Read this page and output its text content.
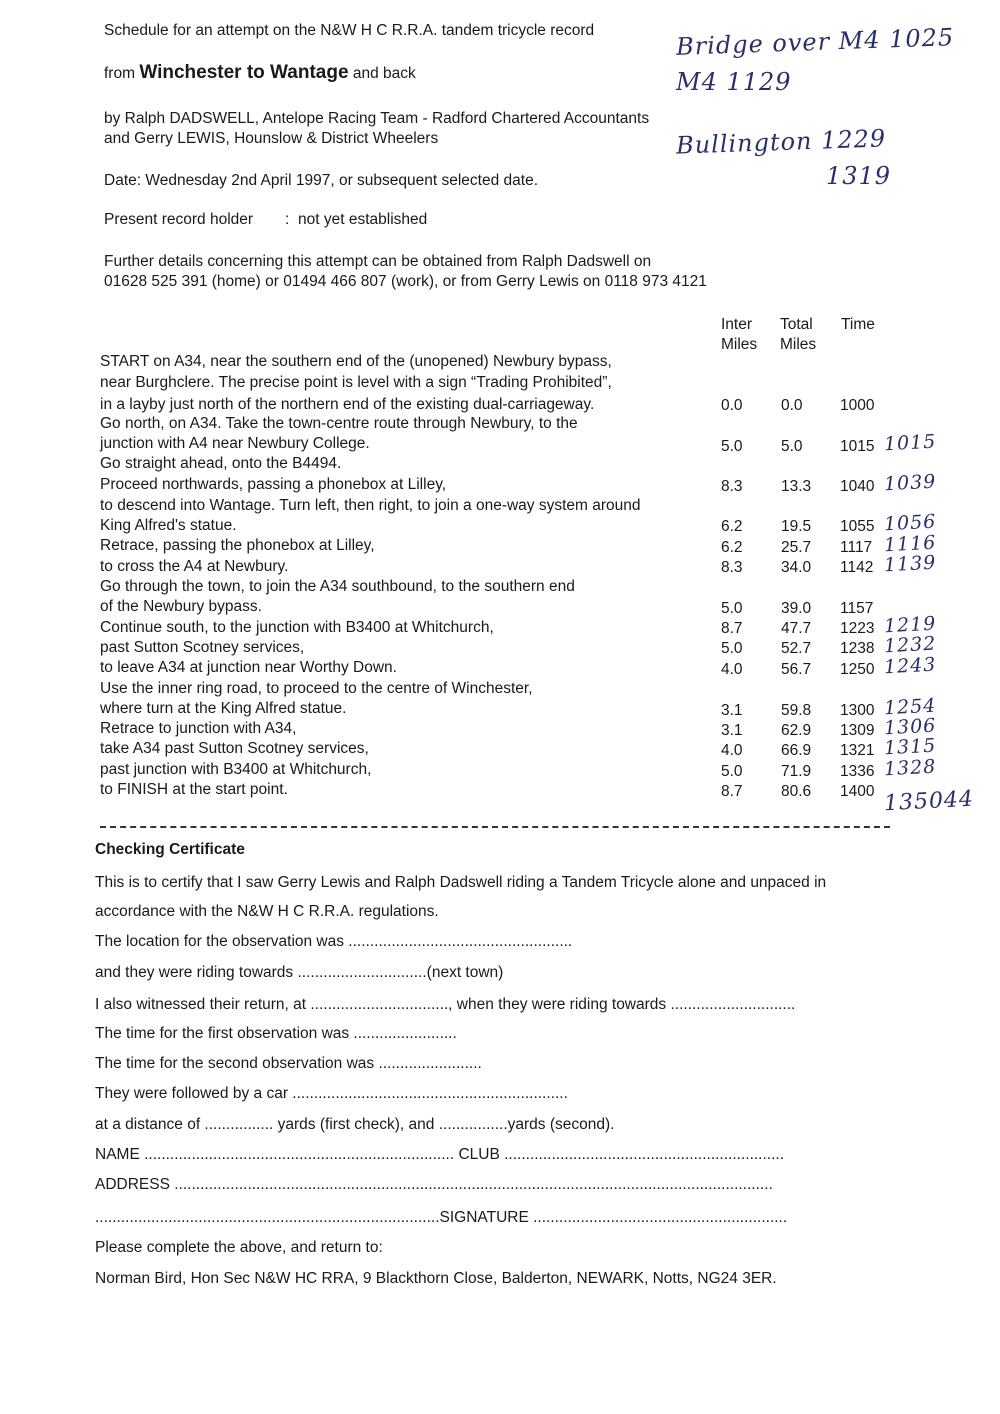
Schedule for an attempt on the N&W H C R.R.A. tandem tricycle record
from Winchester to Wantage and back
by Ralph DADSWELL, Antelope Racing Team - Radford Chartered Accountants
and Gerry LEWIS, Hounslow & District Wheelers
Date: Wednesday 2nd April 1997, or subsequent selected date.
Present record holder : not yet established
Further details concerning this attempt can be obtained from Ralph Dadswell on
01628 525 391 (home) or 01494 466 807 (work), or from Gerry Lewis on 0118 973 4121
Bridge over M4 1025
M4 1129
Bullington 1229
1319
Inter
Miles
Total
Miles
Time
START on A34, near the southern end of the (unopened) Newbury bypass,
near Burghclere. The precise point is level with a sign “Trading Prohibited”,
in a layby just north of the northern end of the existing dual-carriageway.
Go north, on A34. Take the town-centre route through Newbury, to the
junction with A4 near Newbury College.
Go straight ahead, onto the B4494.
Proceed northwards, passing a phonebox at Lilley,
to descend into Wantage. Turn left, then right, to join a one-way system around
King Alfred's statue.
Retrace, passing the phonebox at Lilley,
to cross the A4 at Newbury.
Go through the town, to join the A34 southbound, to the southern end
of the Newbury bypass.
Continue south, to the junction with B3400 at Whitchurch,
past Sutton Scotney services,
to leave A34 at junction near Worthy Down.
Use the inner ring road, to proceed to the centre of Winchester,
where turn at the King Alfred statue.
Retrace to junction with A34,
take A34 past Sutton Scotney services,
past junction with B3400 at Whitchurch,
to FINISH at the start point.
0.0 0.0 1000
5.0 5.0 1015 1015
8.3 13.3 1040 1039
6.2 19.5 1055 1056
6.2 25.7 1117 1116
8.3 34.0 1142 1139
5.0 39.0 1157
8.7 47.7 1223 1219
5.0 52.7 1238 1232
4.0 56.7 1250 1243
3.1 59.8 1300 1254
3.1 62.9 1309 1306
4.0 66.9 1321 1315
5.0 71.9 1336 1328
8.7 80.6 1400 135044
Checking Certificate
This is to certify that I saw Gerry Lewis and Ralph Dadswell riding a Tandem Tricycle alone and unpaced in
accordance with the N&W H C R.R.A. regulations.
The location for the observation was ....................................................
and they were riding towards ..............................(next town)
I also witnessed their return, at ................................, when they were riding towards .............................
The time for the first observation was ........................
The time for the second observation was ........................
They were followed by a car ................................................................
at a distance of ................ yards (first check), and ................yards (second).
NAME ........................................................................ CLUB .................................................................
ADDRESS ...........................................................................................................................................
................................................................................SIGNATURE ...........................................................
Please complete the above, and return to:
Norman Bird, Hon Sec N&W HC RRA, 9 Blackthorn Close, Balderton, NEWARK, Notts, NG24 3ER.
